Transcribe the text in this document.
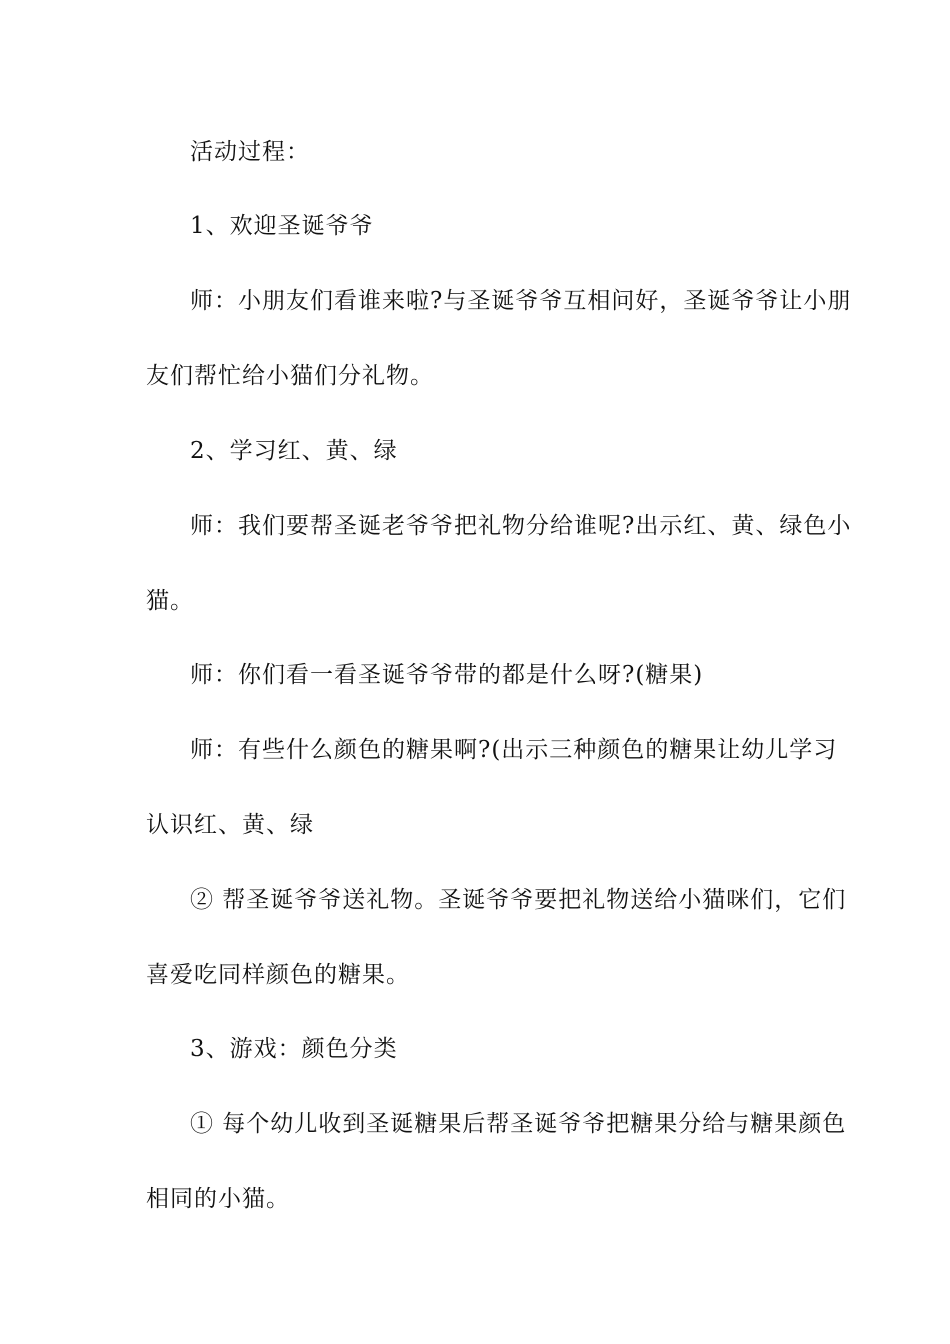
活动过程：
1、欢迎圣诞爷爷
师：小朋友们看谁来啦?与圣诞爷爷互相问好，圣诞爷爷让小朋
友们帮忙给小猫们分礼物。
2、学习红、黄、绿
师：我们要帮圣诞老爷爷把礼物分给谁呢?出示红、黄、绿色小
猫。
师：你们看一看圣诞爷爷带的都是什么呀?(糖果)
师：有些什么颜色的糖果啊?(出示三种颜色的糖果让幼儿学习
认识红、黄、绿
② 帮圣诞爷爷送礼物。圣诞爷爷要把礼物送给小猫咪们，它们
喜爱吃同样颜色的糖果。
3、游戏：颜色分类
① 每个幼儿收到圣诞糖果后帮圣诞爷爷把糖果分给与糖果颜色
相同的小猫。
